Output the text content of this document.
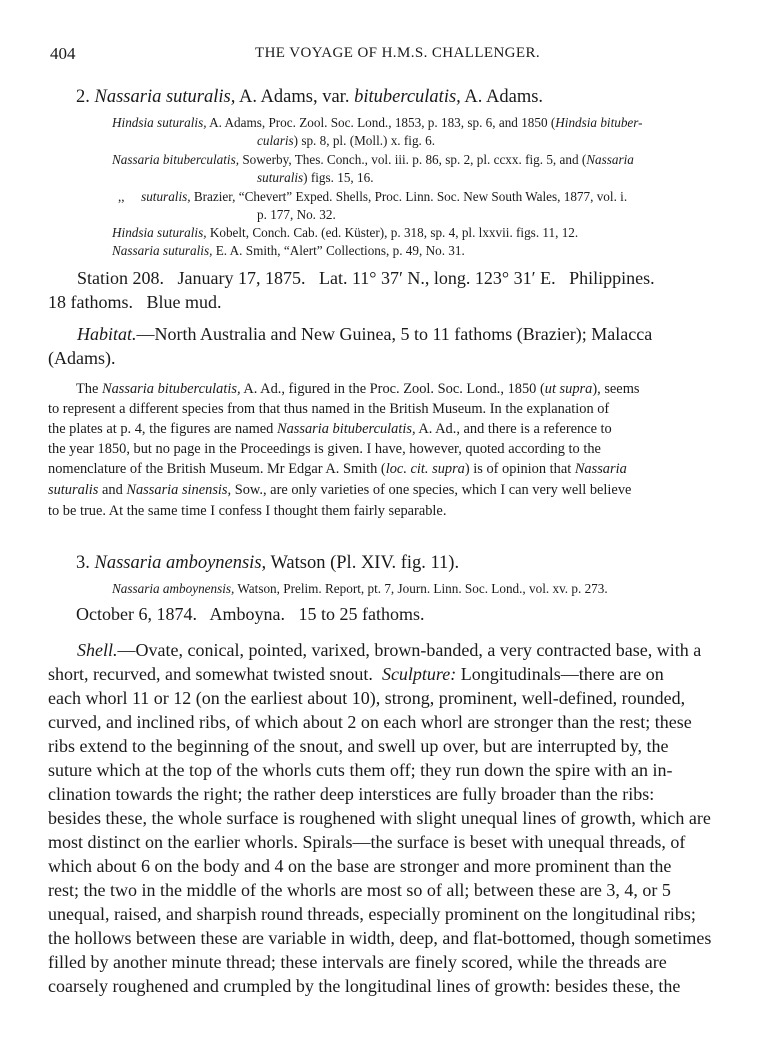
404	THE VOYAGE OF H.M.S. CHALLENGER.
2. Nassaria suturalis, A. Adams, var. bituberculatis, A. Adams.
Hindsia suturalis, A. Adams, Proc. Zool. Soc. Lond., 1853, p. 183, sp. 6, and 1850 (Hindsia bituber-
cularis) sp. 8, pl. (Moll.) x. fig. 6.
Nassaria bituberculatis, Sowerby, Thes. Conch., vol. iii. p. 86, sp. 2, pl. ccxx. fig. 5, and (Nassaria
suturalis) figs. 15, 16.
,, suturalis, Brazier, “Chevert” Exped. Shells, Proc. Linn. Soc. New South Wales, 1877, vol. i.
p. 177, No. 32.
Hindsia suturalis, Kobelt, Conch. Cab. (ed. Küster), p. 318, sp. 4, pl. lxxvii. figs. 11, 12.
Nassaria suturalis, E. A. Smith, “Alert” Collections, p. 49, No. 31.
Station 208.   January 17, 1875.   Lat. 11° 37′ N., long. 123° 31′ E.   Philippines.
18 fathoms.   Blue mud.
Habitat.—North Australia and New Guinea, 5 to 11 fathoms (Brazier); Malacca
(Adams).
The Nassaria bituberculatis, A. Ad., figured in the Proc. Zool. Soc. Lond., 1850 (ut supra), seems
to represent a different species from that thus named in the British Museum. In the explanation of
the plates at p. 4, the figures are named Nassaria bituberculatis, A. Ad., and there is a reference to
the year 1850, but no page in the Proceedings is given. I have, however, quoted according to the
nomenclature of the British Museum. Mr Edgar A. Smith (loc. cit. supra) is of opinion that Nassaria
suturalis and Nassaria sinensis, Sow., are only varieties of one species, which I can very well believe
to be true. At the same time I confess I thought them fairly separable.
3. Nassaria amboynensis, Watson (Pl. XIV. fig. 11).
Nassaria amboynensis, Watson, Prelim. Report, pt. 7, Journ. Linn. Soc. Lond., vol. xv. p. 273.
October 6, 1874.   Amboyna.   15 to 25 fathoms.
Shell.—Ovate, conical, pointed, varixed, brown-banded, a very contracted base, with a
short, recurved, and somewhat twisted snout. Sculpture: Longitudinals—there are on
each whorl 11 or 12 (on the earliest about 10), strong, prominent, well-defined, rounded,
curved, and inclined ribs, of which about 2 on each whorl are stronger than the rest; these
ribs extend to the beginning of the snout, and swell up over, but are interrupted by, the
suture which at the top of the whorls cuts them off; they run down the spire with an in-
clination towards the right; the rather deep interstices are fully broader than the ribs:
besides these, the whole surface is roughened with slight unequal lines of growth, which are
most distinct on the earlier whorls. Spirals—the surface is beset with unequal threads, of
which about 6 on the body and 4 on the base are stronger and more prominent than the
rest; the two in the middle of the whorls are most so of all; between these are 3, 4, or 5
unequal, raised, and sharpish round threads, especially prominent on the longitudinal ribs;
the hollows between these are variable in width, deep, and flat-bottomed, though sometimes
filled by another minute thread; these intervals are finely scored, while the threads are
coarsely roughened and crumpled by the longitudinal lines of growth: besides these, the
